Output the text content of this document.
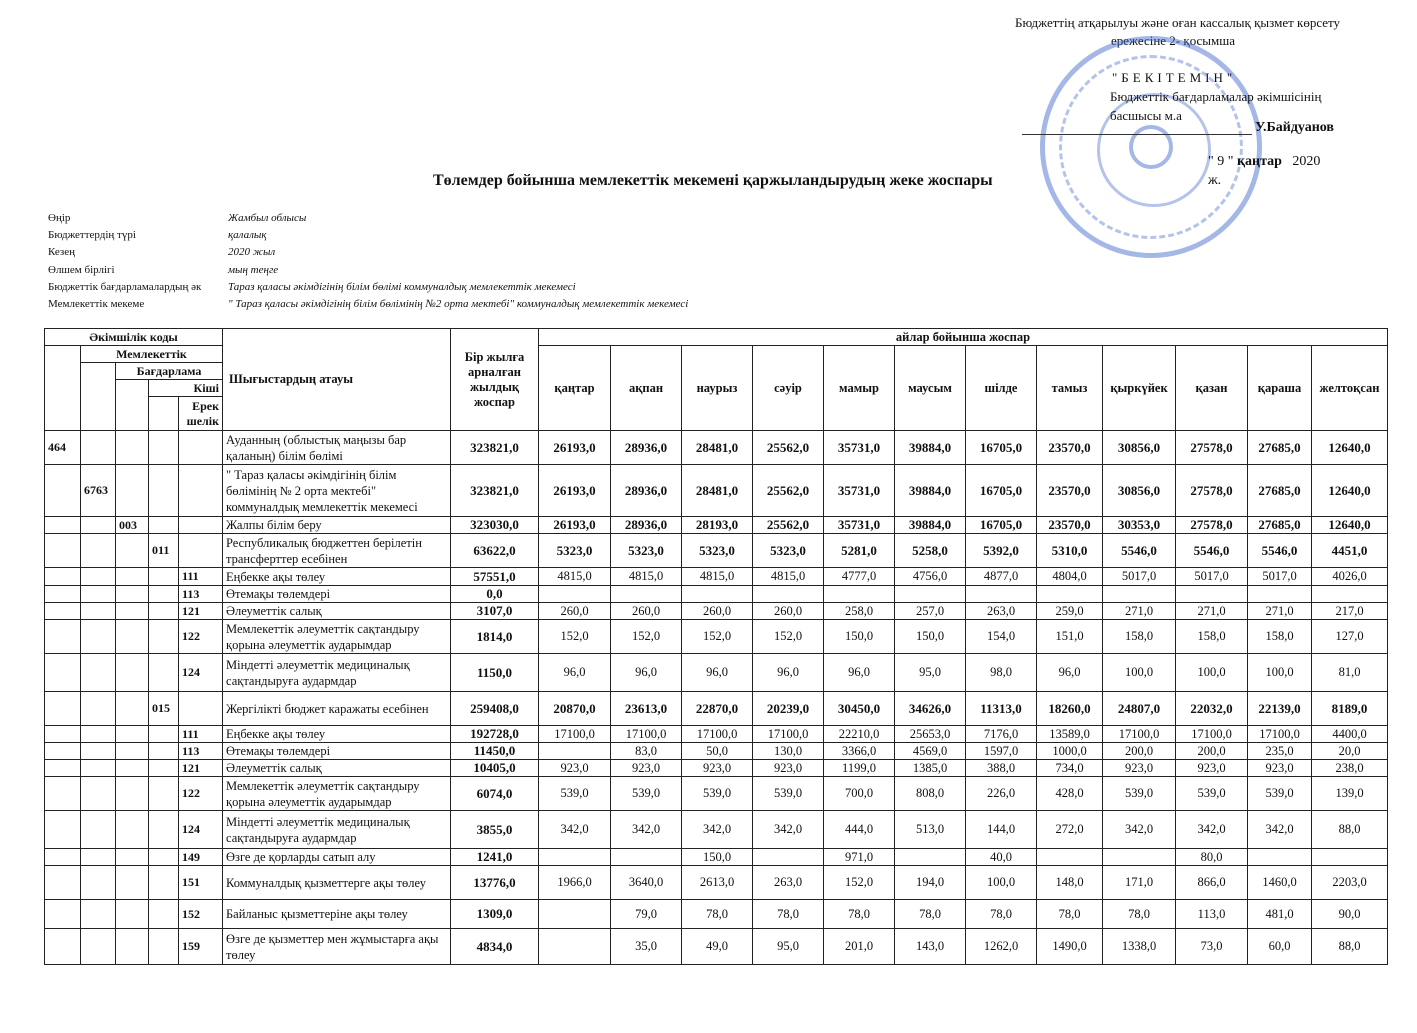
Бюджеттің атқарылуы және оған кассалық қызмет көрсету
ережесіне 2- қосымша
"БЕКІТЕМІН"
Бюджеттік бағдарламалар әкімшісінің
басшысы м.а
У.Байдуанов
" 9 " қаңтар 2020 ж.
Төлемдер бойынша мемлекеттік мекемені қаржыландырудың жеке жоспары
Өңір	Жамбыл облысы
Бюджеттердің түрі	қалалық
Кезең	2020 жыл
Өлшем бірлігі	мың теңге
Бюджеттік бағдарламалардың әк	Тараз қаласы әкімдігінің білім бөлімі коммуналдық мемлекеттік мекемесі
Мемлекеттік мекеме	" Тараз қаласы әкімдігінің білім бөлімінің №2 орта мектебі" коммуналдық мемлекеттік мекемесі
Әкімшілік коды					Шығыстардың атауы	Бір жылға арналған жылдық жоспар	айлар бойынша жоспар											
	Мемлекеттік						қаңтар	ақпан	наурыз	сәуір	мамыр	маусым	шілде	тамыз	қыркүйек	қазан	қараша	желтоқсан
		Бағдарлама																
			Кіші															
				Ерек шелік														
464					Ауданның (облыстық маңызы бар қаланың) білім бөлімі	323821,0	26193,0	28936,0	28481,0	25562,0	35731,0	39884,0	16705,0	23570,0	30856,0	27578,0	27685,0	12640,0
	6763				" Тараз қаласы әкімдігінің білім бөлімінің № 2 орта мектебі" коммуналдық мемлекеттік мекемесі	323821,0	26193,0	28936,0	28481,0	25562,0	35731,0	39884,0	16705,0	23570,0	30856,0	27578,0	27685,0	12640,0
		003			Жалпы білім беру	323030,0	26193,0	28936,0	28193,0	25562,0	35731,0	39884,0	16705,0	23570,0	30353,0	27578,0	27685,0	12640,0
			011		Республикалық бюджеттен берілетін трансферттер есебінен	63622,0	5323,0	5323,0	5323,0	5323,0	5281,0	5258,0	5392,0	5310,0	5546,0	5546,0	5546,0	4451,0
				111	Еңбекке ақы төлеу	57551,0	4815,0	4815,0	4815,0	4815,0	4777,0	4756,0	4877,0	4804,0	5017,0	5017,0	5017,0	4026,0
				113	Өтемақы төлемдері	0,0												
				121	Әлеуметтік салық	3107,0	260,0	260,0	260,0	260,0	258,0	257,0	263,0	259,0	271,0	271,0	271,0	217,0
				122	Мемлекеттік әлеуметтік сақтандыру қорына әлеуметтік аударымдар	1814,0	152,0	152,0	152,0	152,0	150,0	150,0	154,0	151,0	158,0	158,0	158,0	127,0
				124	Міндетті әлеуметтік медициналық сақтандыруға аудармдар	1150,0	96,0	96,0	96,0	96,0	96,0	95,0	98,0	96,0	100,0	100,0	100,0	81,0
			015		Жергілікті бюджет каражаты есебінен	259408,0	20870,0	23613,0	22870,0	20239,0	30450,0	34626,0	11313,0	18260,0	24807,0	22032,0	22139,0	8189,0
				111	Еңбекке ақы төлеу	192728,0	17100,0	17100,0	17100,0	17100,0	22210,0	25653,0	7176,0	13589,0	17100,0	17100,0	17100,0	4400,0
				113	Өтемақы төлемдері	11450,0		83,0	50,0	130,0	3366,0	4569,0	1597,0	1000,0	200,0	200,0	235,0	20,0
				121	Әлеуметтік салық	10405,0	923,0	923,0	923,0	923,0	1199,0	1385,0	388,0	734,0	923,0	923,0	923,0	238,0
				122	Мемлекеттік әлеуметтік сақтандыру қорына әлеуметтік аударымдар	6074,0	539,0	539,0	539,0	539,0	700,0	808,0	226,0	428,0	539,0	539,0	539,0	139,0
				124	Міндетті әлеуметтік медициналық сақтандыруға аудармдар	3855,0	342,0	342,0	342,0	342,0	444,0	513,0	144,0	272,0	342,0	342,0	342,0	88,0
				149	Өзге де қорларды сатып алу	1241,0			150,0		971,0		40,0			80,0		
				151	Коммуналдық қызметтерге ақы төлеу	13776,0	1966,0	3640,0	2613,0	263,0	152,0	194,0	100,0	148,0	171,0	866,0	1460,0	2203,0
				152	Байланыс қызметтеріне ақы төлеу	1309,0		79,0	78,0	78,0	78,0	78,0	78,0	78,0	78,0	113,0	481,0	90,0
				159	Өзге де қызметтер мен жұмыстарға ақы төлеу	4834,0		35,0	49,0	95,0	201,0	143,0	1262,0	1490,0	1338,0	73,0	60,0	88,0
